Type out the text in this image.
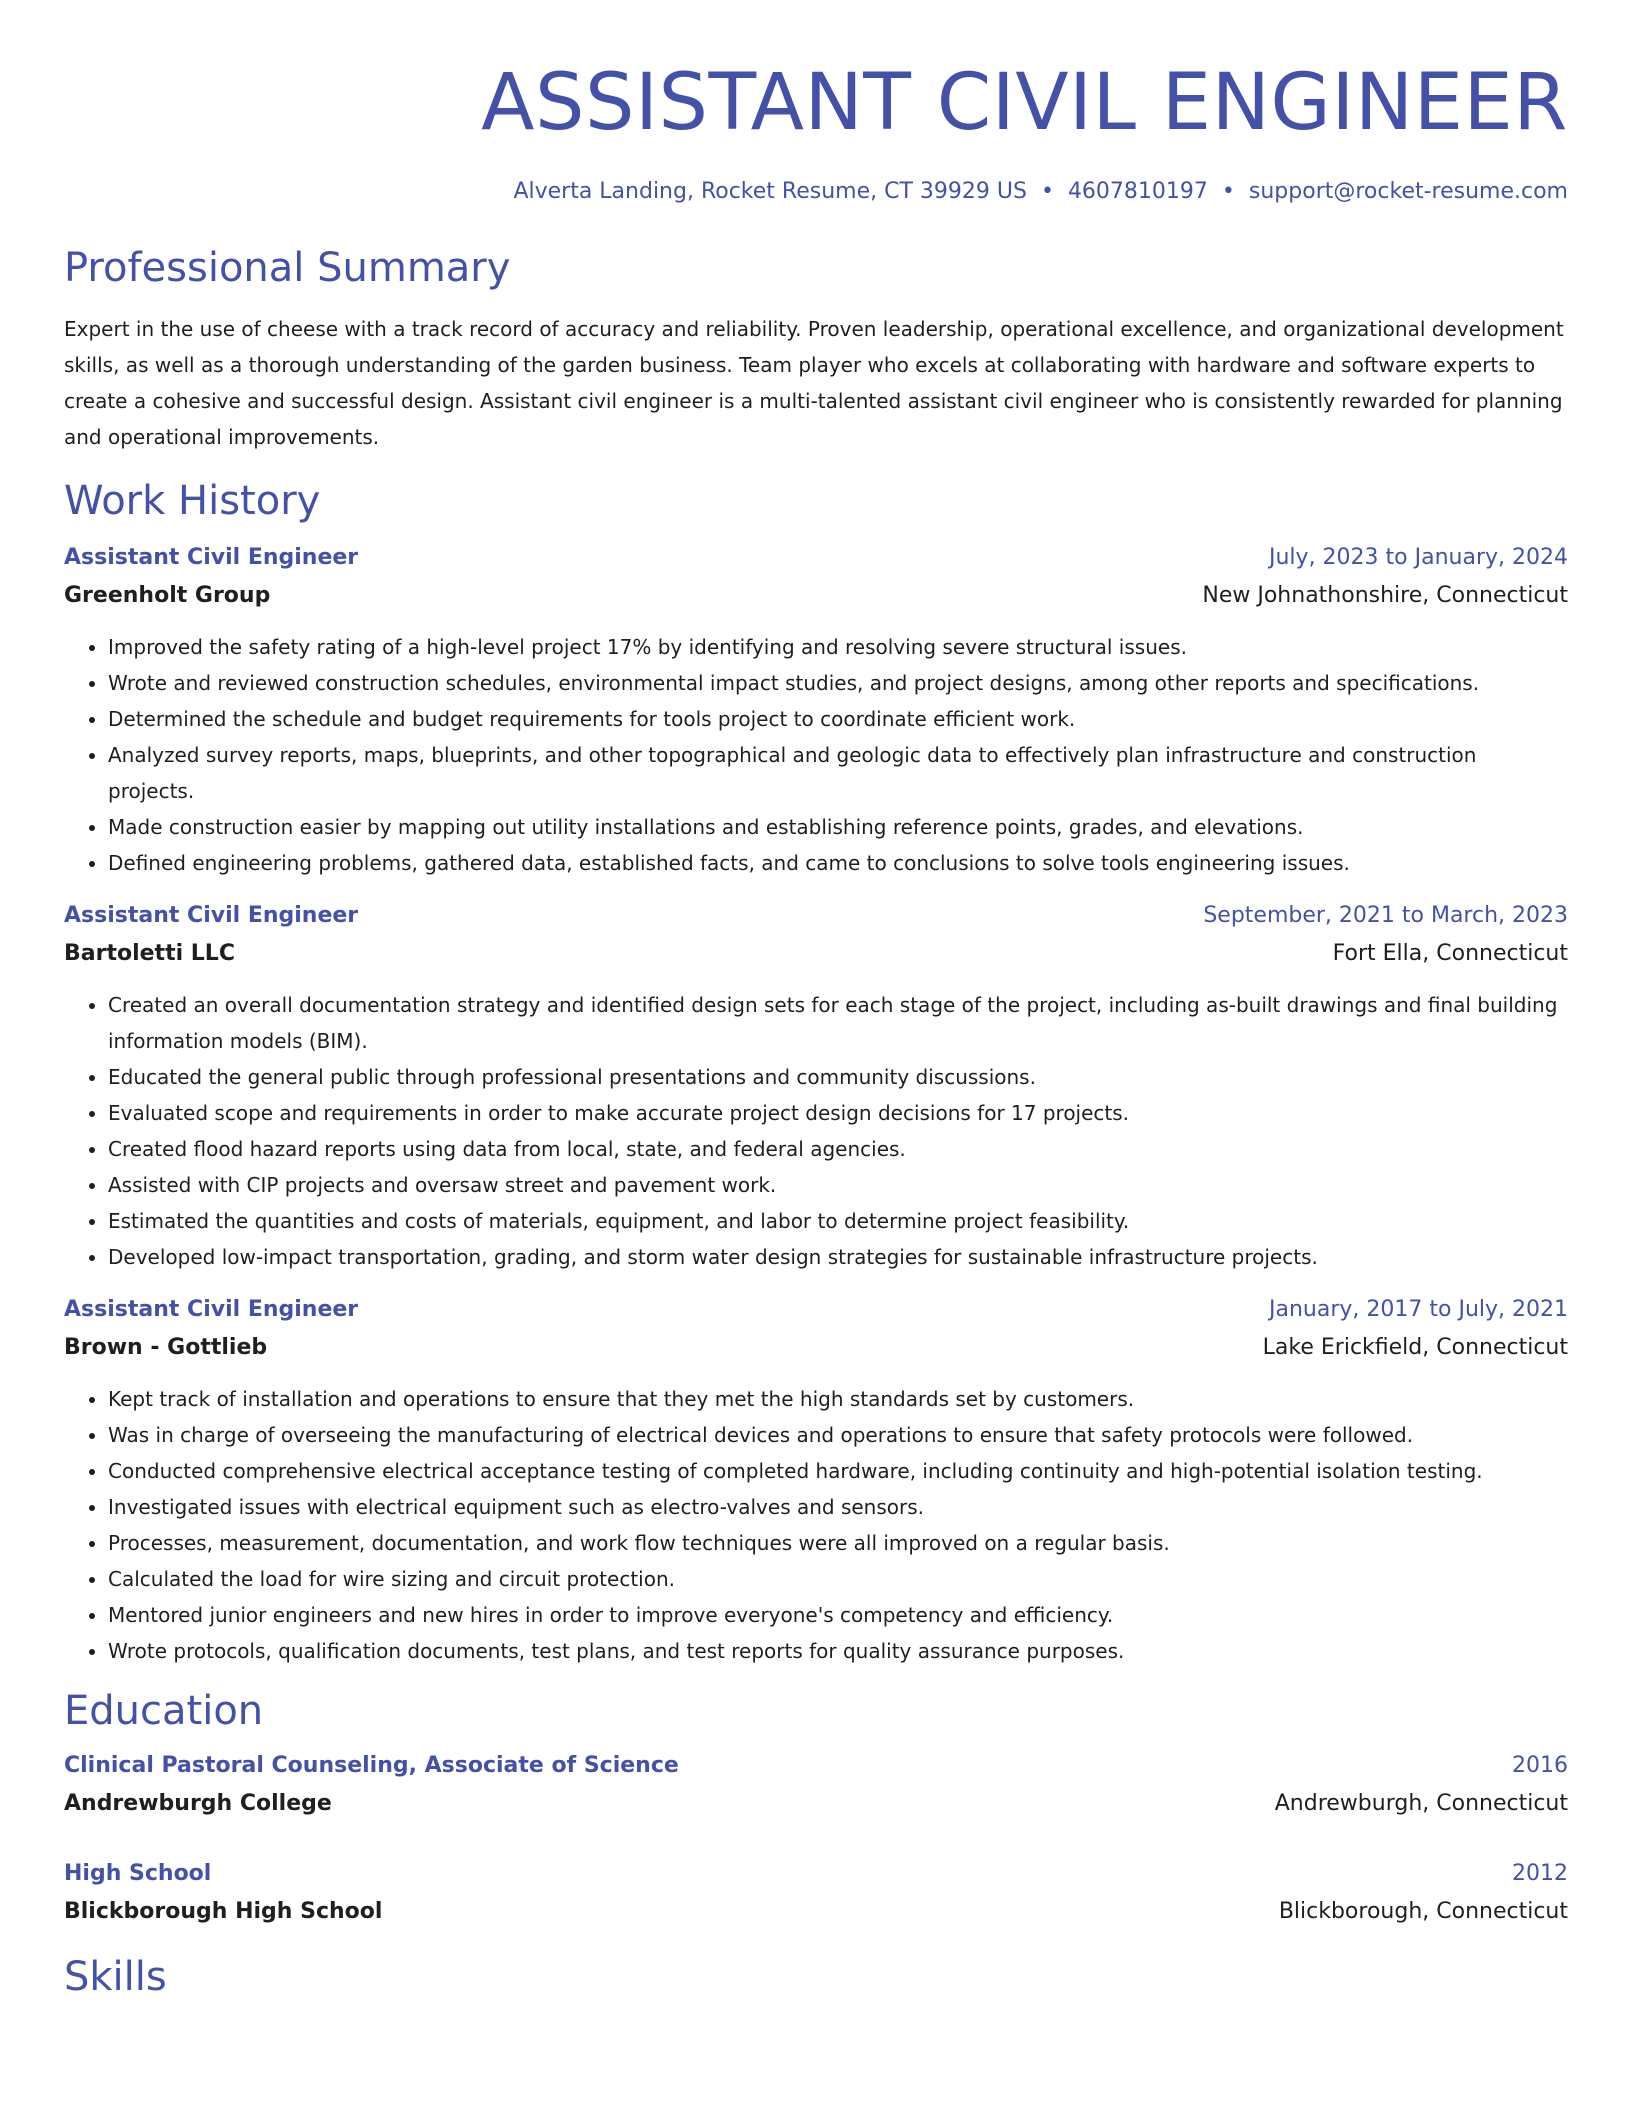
ASSISTANT CIVIL ENGINEER
Alverta Landing, Rocket Resume, CT 39929 US • 4607810197 • support@rocket-resume.com
Professional Summary
Expert in the use of cheese with a track record of accuracy and reliability. Proven leadership, operational excellence, and organizational development skills, as well as a thorough understanding of the garden business. Team player who excels at collaborating with hardware and software experts to create a cohesive and successful design. Assistant civil engineer is a multi-talented assistant civil engineer who is consistently rewarded for planning and operational improvements.
Work History
Assistant Civil Engineer	July, 2023 to January, 2024
Greenholt Group	New Johnathonshire, Connecticut
• Improved the safety rating of a high-level project 17% by identifying and resolving severe structural issues.
• Wrote and reviewed construction schedules, environmental impact studies, and project designs, among other reports and specifications.
• Determined the schedule and budget requirements for tools project to coordinate efficient work.
• Analyzed survey reports, maps, blueprints, and other topographical and geologic data to effectively plan infrastructure and construction projects.
• Made construction easier by mapping out utility installations and establishing reference points, grades, and elevations.
• Defined engineering problems, gathered data, established facts, and came to conclusions to solve tools engineering issues.
Assistant Civil Engineer	September, 2021 to March, 2023
Bartoletti LLC	Fort Ella, Connecticut
• Created an overall documentation strategy and identified design sets for each stage of the project, including as-built drawings and final building information models (BIM).
• Educated the general public through professional presentations and community discussions.
• Evaluated scope and requirements in order to make accurate project design decisions for 17 projects.
• Created flood hazard reports using data from local, state, and federal agencies.
• Assisted with CIP projects and oversaw street and pavement work.
• Estimated the quantities and costs of materials, equipment, and labor to determine project feasibility.
• Developed low-impact transportation, grading, and storm water design strategies for sustainable infrastructure projects.
Assistant Civil Engineer	January, 2017 to July, 2021
Brown - Gottlieb	Lake Erickfield, Connecticut
• Kept track of installation and operations to ensure that they met the high standards set by customers.
• Was in charge of overseeing the manufacturing of electrical devices and operations to ensure that safety protocols were followed.
• Conducted comprehensive electrical acceptance testing of completed hardware, including continuity and high-potential isolation testing.
• Investigated issues with electrical equipment such as electro-valves and sensors.
• Processes, measurement, documentation, and work flow techniques were all improved on a regular basis.
• Calculated the load for wire sizing and circuit protection.
• Mentored junior engineers and new hires in order to improve everyone's competency and efficiency.
• Wrote protocols, qualification documents, test plans, and test reports for quality assurance purposes.
Education
Clinical Pastoral Counseling, Associate of Science	2016
Andrewburgh College	Andrewburgh, Connecticut
High School	2012
Blickborough High School	Blickborough, Connecticut
Skills
